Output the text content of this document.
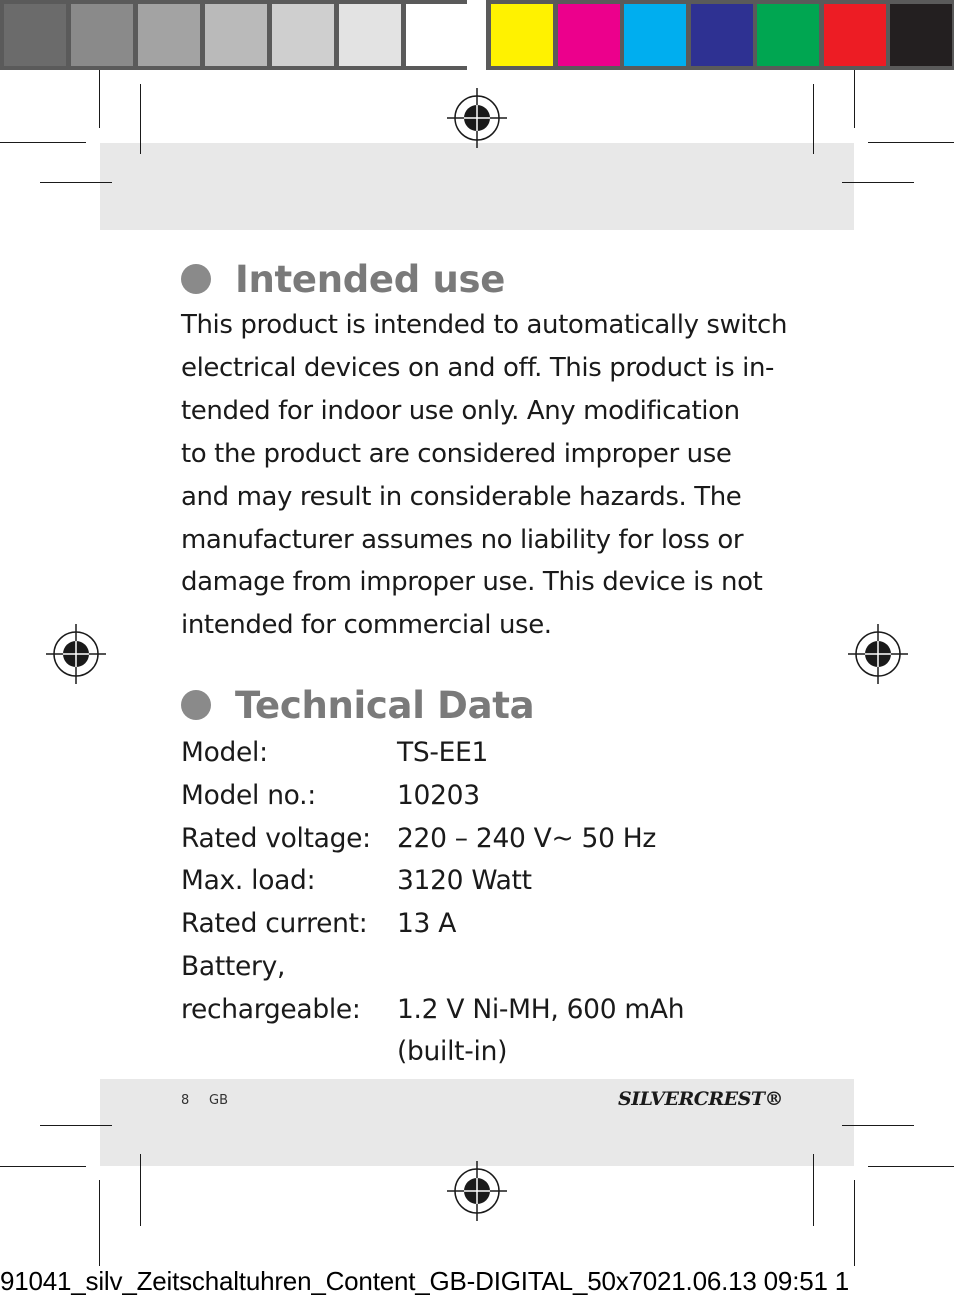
Intended use

This product is intended to automatically switch
electrical devices on and off. This product is in-
tended for indoor use only. Any modification
to the product are considered improper use
and may result in considerable hazards. The
manufacturer assumes no liability for loss or
damage from improper use. This device is not
intended for commercial use.

Technical Data
Model:	TS-EE1
Model no.:	10203
Rated voltage: 220 – 240 V~ 50 Hz
Max. load:	3120 Watt
Rated current: 13 A
Battery,
rechargeable: 1.2 V Ni-MH, 600 mAh
(built-in)
8 GB	SILVERCREST®
91041_silv_Zeitschaltuhren_Content_GB-DIGITAL_50x7021.06.13 09:51 1
